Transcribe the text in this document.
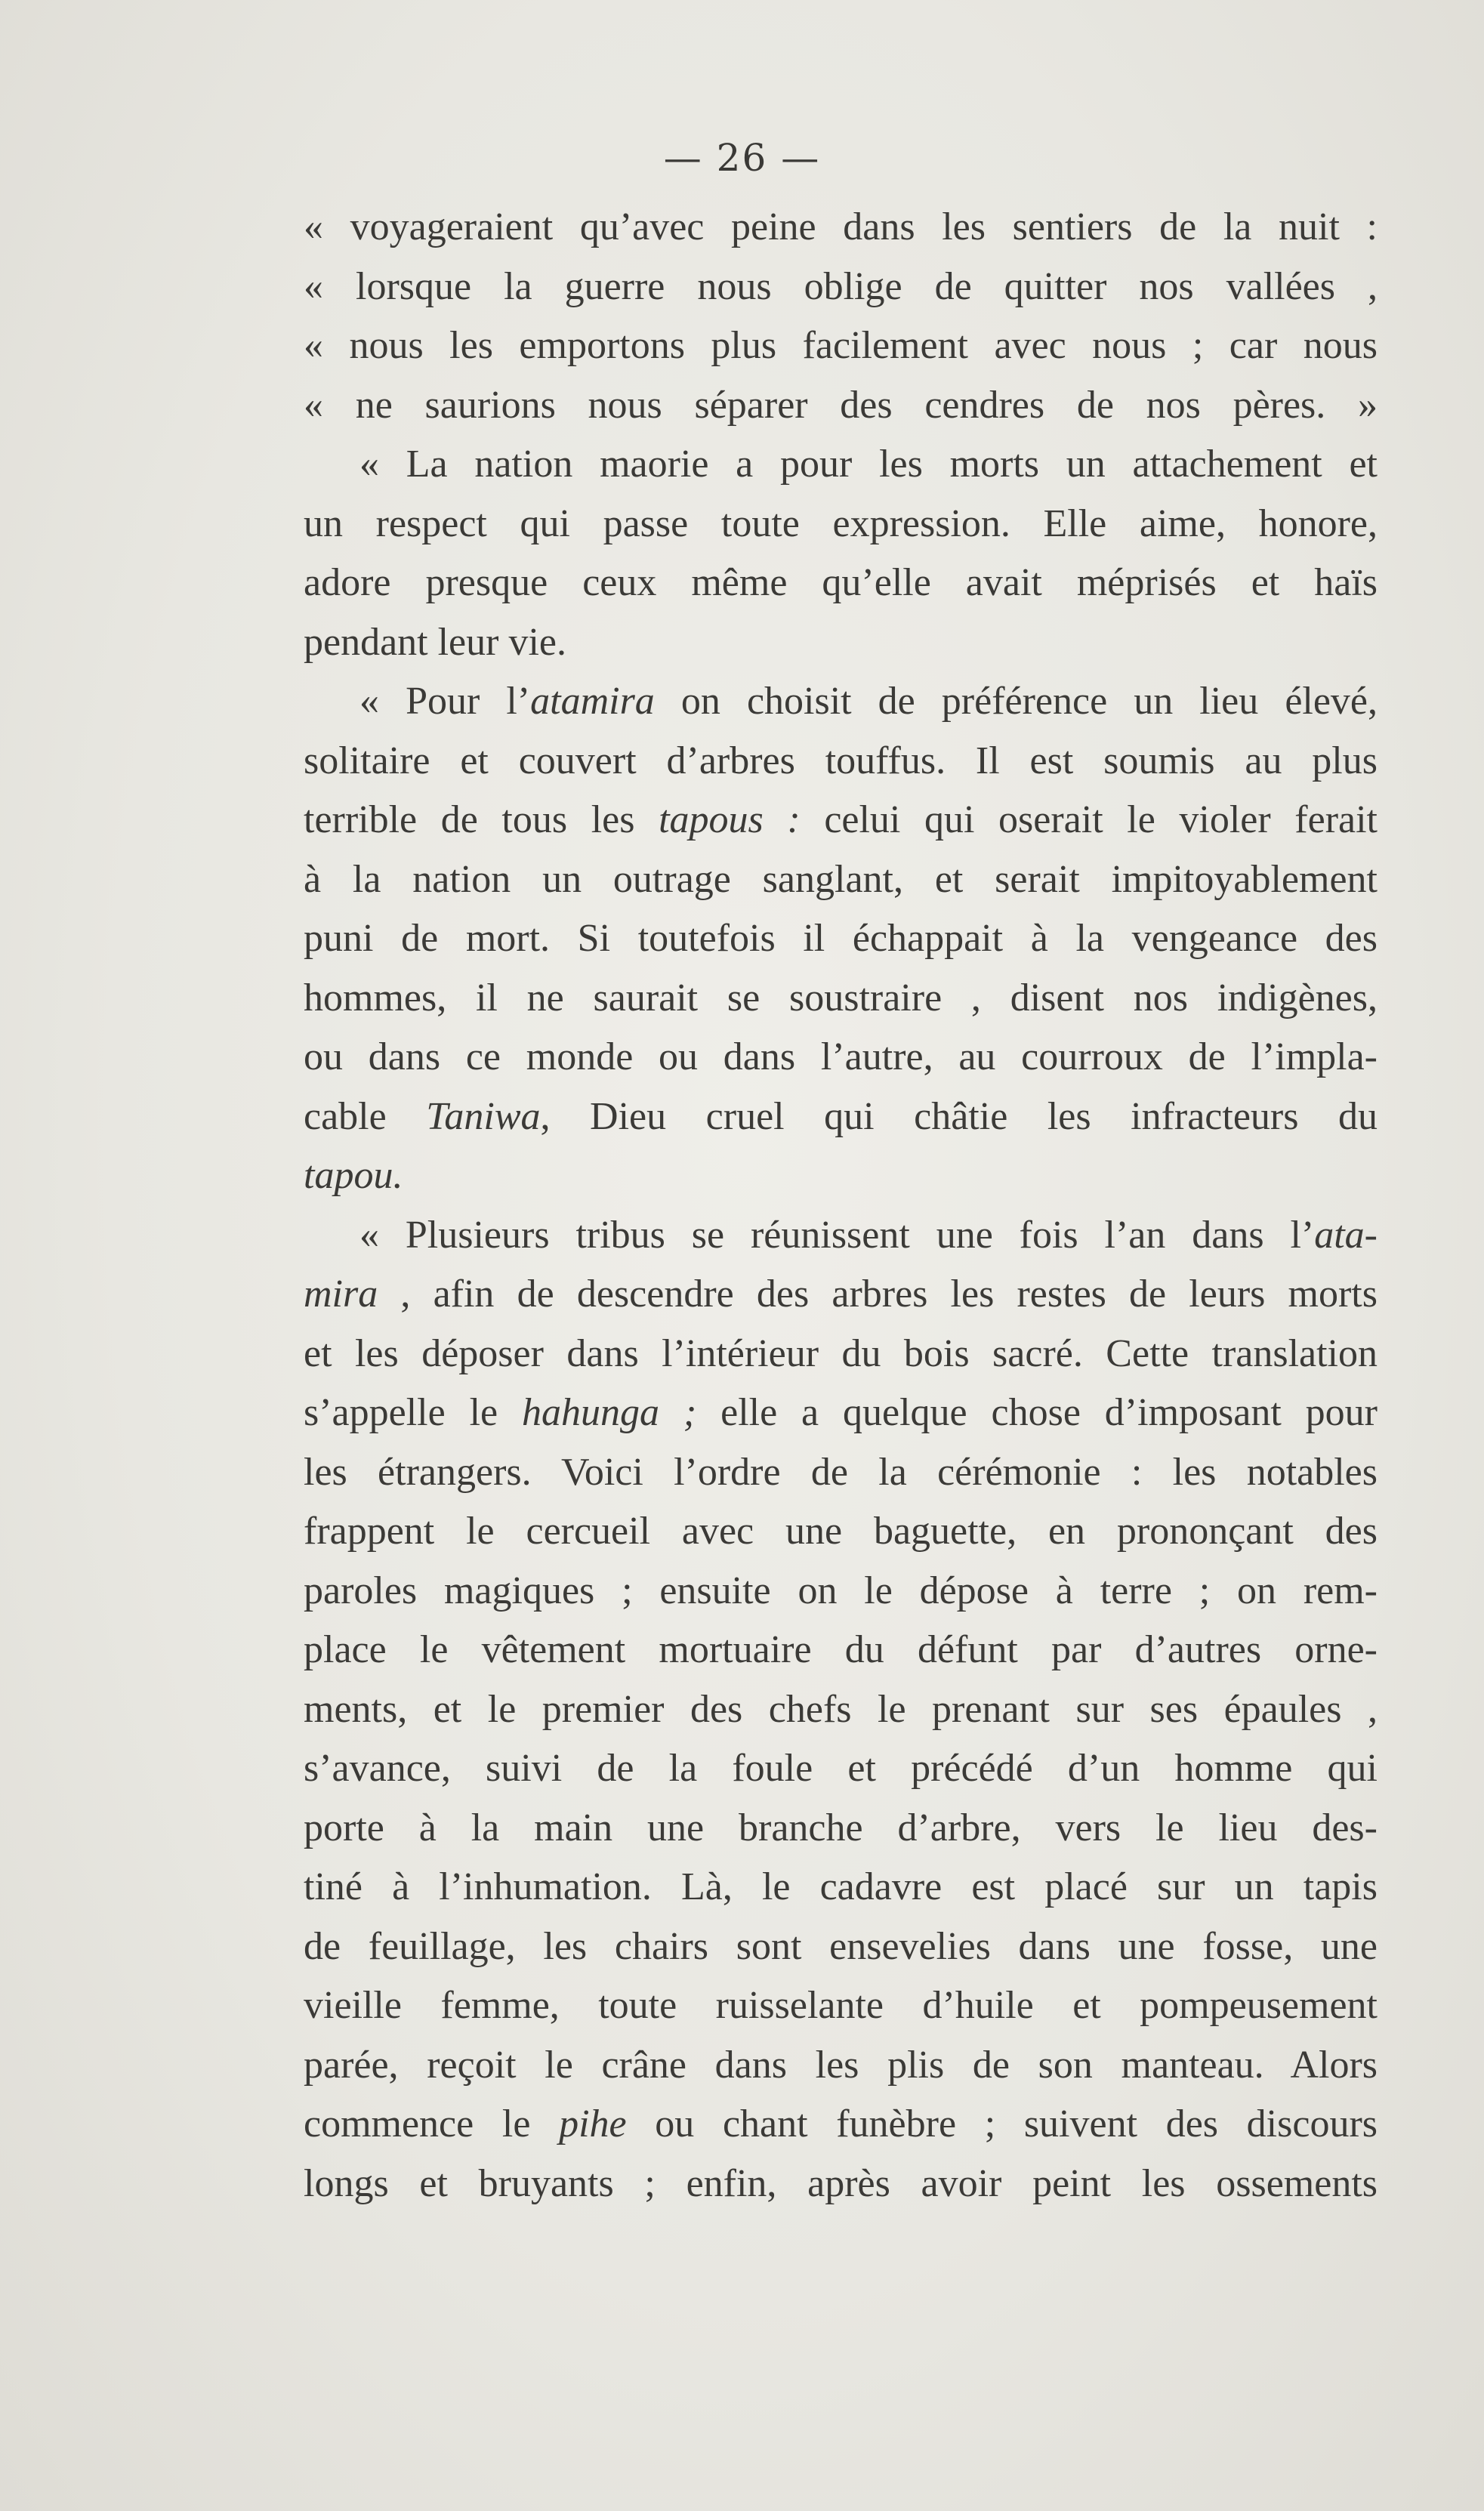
— 26 —
« voyageraient qu’avec peine dans les sentiers de la nuit :
« lorsque la guerre nous oblige de quitter nos vallées ,
« nous les emportons plus facilement avec nous ; car nous
« ne saurions nous séparer des cendres de nos pères. »
« La nation maorie a pour les morts un attachement et
un respect qui passe toute expression. Elle aime, honore,
adore presque ceux même qu’elle avait méprisés et haïs
pendant leur vie.
« Pour l’atamira on choisit de préférence un lieu élevé,
solitaire et couvert d’arbres touffus. Il est soumis au plus
terrible de tous les tapous : celui qui oserait le violer ferait
à la nation un outrage sanglant, et serait impitoyablement
puni de mort. Si toutefois il échappait à la vengeance des
hommes, il ne saurait se soustraire , disent nos indigènes,
ou dans ce monde ou dans l’autre, au courroux de l’impla-
cable Taniwa, Dieu cruel qui châtie les infracteurs du
tapou.
« Plusieurs tribus se réunissent une fois l’an dans l’ata-
mira , afin de descendre des arbres les restes de leurs morts
et les déposer dans l’intérieur du bois sacré. Cette translation
s’appelle le hahunga ; elle a quelque chose d’imposant pour
les étrangers. Voici l’ordre de la cérémonie : les notables
frappent le cercueil avec une baguette, en prononçant des
paroles magiques ; ensuite on le dépose à terre ; on rem-
place le vêtement mortuaire du défunt par d’autres orne-
ments, et le premier des chefs le prenant sur ses épaules ,
s’avance, suivi de la foule et précédé d’un homme qui
porte à la main une branche d’arbre, vers le lieu des-
tiné à l’inhumation. Là, le cadavre est placé sur un tapis
de feuillage, les chairs sont ensevelies dans une fosse, une
vieille femme, toute ruisselante d’huile et pompeusement
parée, reçoit le crâne dans les plis de son manteau. Alors
commence le pihe ou chant funèbre ; suivent des discours
longs et bruyants ; enfin, après avoir peint les ossements
